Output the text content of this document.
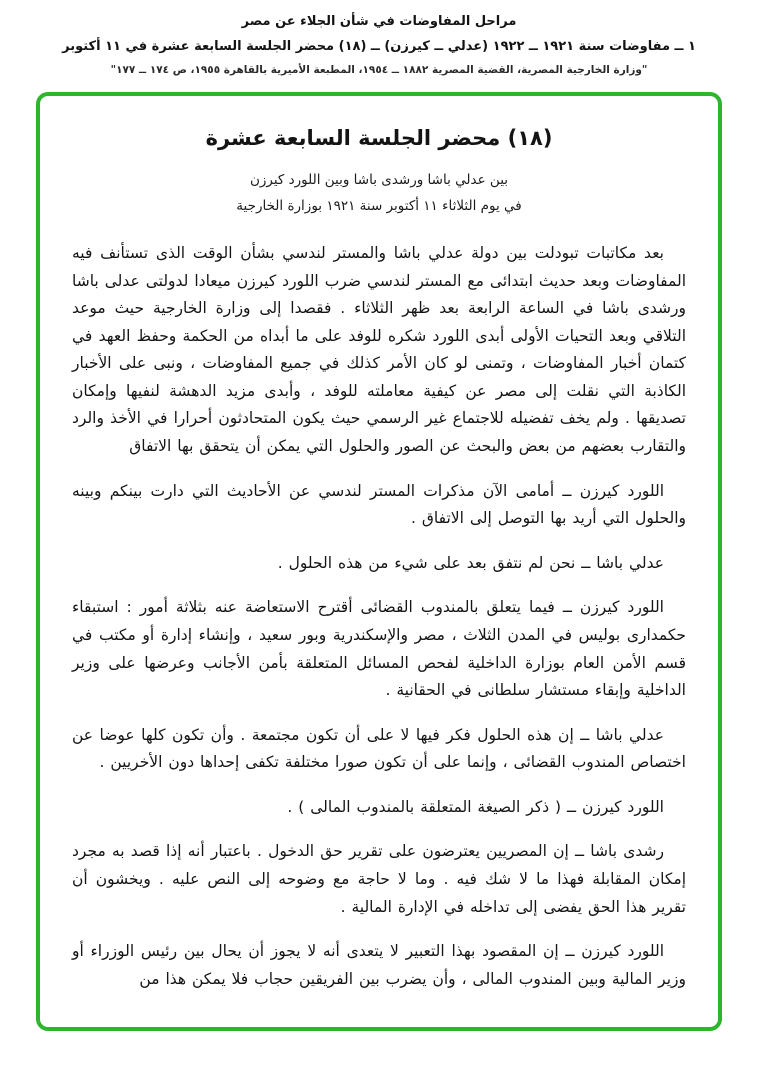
مراحل المفاوضات في شأن الجلاء عن مصر
١ ــ مفاوضات سنة ١٩٢١ ــ ١٩٢٢ (عدلي ــ كيرزن) ــ (١٨) محضر الجلسة السابعة عشرة في ١١ أكتوبر
"وزارة الخارجية المصرية، القضية المصرية ١٨٨٢ ــ ١٩٥٤، المطبعة الأميرية بالقاهرة ١٩٥٥، ص ١٧٤ ــ ١٧٧"
(١٨) محضر الجلسة السابعة عشرة
بين عدلي باشا ورشدى باشا وبين اللورد كيرزن
في يوم الثلاثاء ١١ أكتوبر سنة ١٩٢١ بوزارة الخارجية

بعد مكاتبات تبودلت بين دولة عدلي باشا والمستر لندسي بشأن الوقت الذى تستأنف فيه المفاوضات وبعد حديث ابتدائى مع المستر لندسي ضرب اللورد كيرزن ميعادا لدولتى عدلى باشا ورشدى باشا في الساعة الرابعة بعد ظهر الثلاثاء . فقصدا إلى وزارة الخارجية حيث موعد التلاقي وبعد التحيات الأولى أبدى اللورد شكره للوفد على ما أبداه من الحكمة وحفظ العهد في كتمان أخبار المفاوضات ، وتمنى لو كان الأمر كذلك في جميع المفاوضات ، ونبى على الأخبار الكاذبة التي نقلت إلى مصر عن كيفية معاملته للوفد ، وأبدى مزيد الدهشة لنفيها وإمكان تصديقها . ولم يخف تفضيله للاجتماع غير الرسمي حيث يكون المتحادثون أحرارا في الأخذ والرد والتقارب بعضهم من بعض والبحث عن الصور والحلول التي يمكن أن يتحقق بها الاتفاق

اللورد كيرزن ــ أمامى الآن مذكرات المستر لندسي عن الأحاديث التي دارت بينكم وبينه والحلول التي أريد بها التوصل إلى الاتفاق .

عدلي باشا ــ نحن لم نتفق بعد على شيء من هذه الحلول .

اللورد كيرزن ــ فيما يتعلق بالمندوب القضائى أقترح الاستعاضة عنه بثلاثة أمور : استبقاء حكمدارى بوليس في المدن الثلاث ، مصر والإسكندرية وبور سعيد ، وإنشاء إدارة أو مكتب في قسم الأمن العام بوزارة الداخلية لفحص المسائل المتعلقة بأمن الأجانب وعرضها على وزير الداخلية وإبقاء مستشار سلطانى في الحقانية .

عدلي باشا ــ إن هذه الحلول فكر فيها لا على أن تكون مجتمعة . وأن تكون كلها عوضا عن اختصاص المندوب القضائى ، وإنما على أن تكون صورا مختلفة تكفى إحداها دون الأخريين .

اللورد كيرزن ــ ( ذكر الصيغة المتعلقة بالمندوب المالى ) .

رشدى باشا ــ إن المصريين يعترضون على تقرير حق الدخول . باعتبار أنه إذا قصد به مجرد إمكان المقابلة فهذا ما لا شك فيه . وما لا حاجة مع وضوحه إلى النص عليه . ويخشون أن تقرير هذا الحق يفضى إلى تداخله في الإدارة المالية .

اللورد كيرزن ــ إن المقصود بهذا التعبير لا يتعدى أنه لا يجوز أن يحال بين رئيس الوزراء أو وزير المالية وبين المندوب المالى ، وأن يضرب بين الفريقين حجاب فلا يمكن هذا من
